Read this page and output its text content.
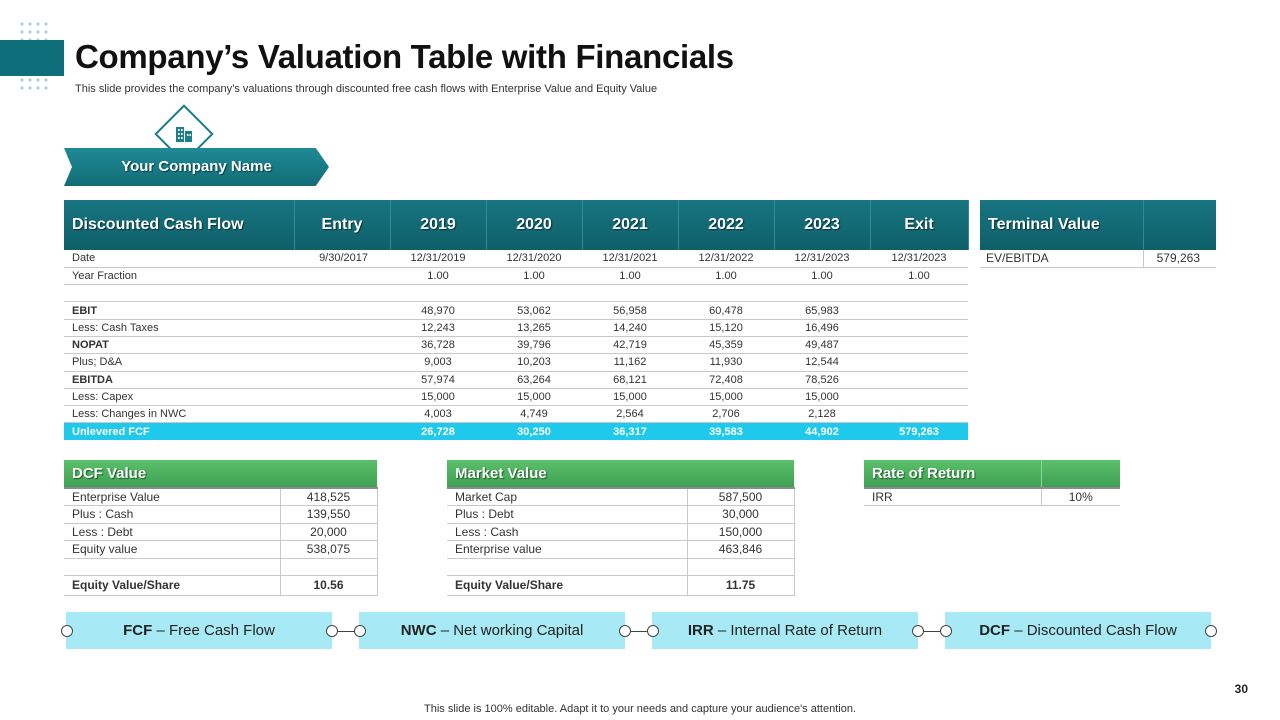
Company’s Valuation Table with Financials
This slide provides the company’s valuations through discounted free cash flows with Enterprise Value and Equity Value
Your Company Name
Discounted Cash Flow	Entry	2019	2020	2021	2022	2023	Exit
Date	9/30/2017	12/31/2019	12/31/2020	12/31/2021	12/31/2022	12/31/2023	12/31/2023
Year Fraction		1.00	1.00	1.00	1.00	1.00	1.00

EBIT		48,970	53,062	56,958	60,478	65,983	
Less: Cash Taxes		12,243	13,265	14,240	15,120	16,496	
NOPAT		36,728	39,796	42,719	45,359	49,487	
Plus; D&A		9,003	10,203	11,162	11,930	12,544	
EBITDA		57,974	63,264	68,121	72,408	78,526	
Less: Capex		15,000	15,000	15,000	15,000	15,000	
Less: Changes in NWC		4,003	4,749	2,564	2,706	2,128	
Unlevered FCF		26,728	30,250	36,317	39,583	44,902	579,263
Terminal Value	
EV/EBITDA	579,263
DCF Value	
Enterprise Value	418,525
Plus : Cash	139,550
Less : Debt	20,000
Equity value	538,075

Equity Value/Share	10.56
Market Value	
Market Cap	587,500
Plus : Debt	30,000
Less : Cash	150,000
Enterprise value	463,846

Equity Value/Share	11.75
Rate of Return	
IRR	10%
FCF – Free Cash Flow	NWC – Net working Capital	IRR – Internal Rate of Return	DCF – Discounted Cash Flow
30
This slide is 100% editable. Adapt it to your needs and capture your audience's attention.
